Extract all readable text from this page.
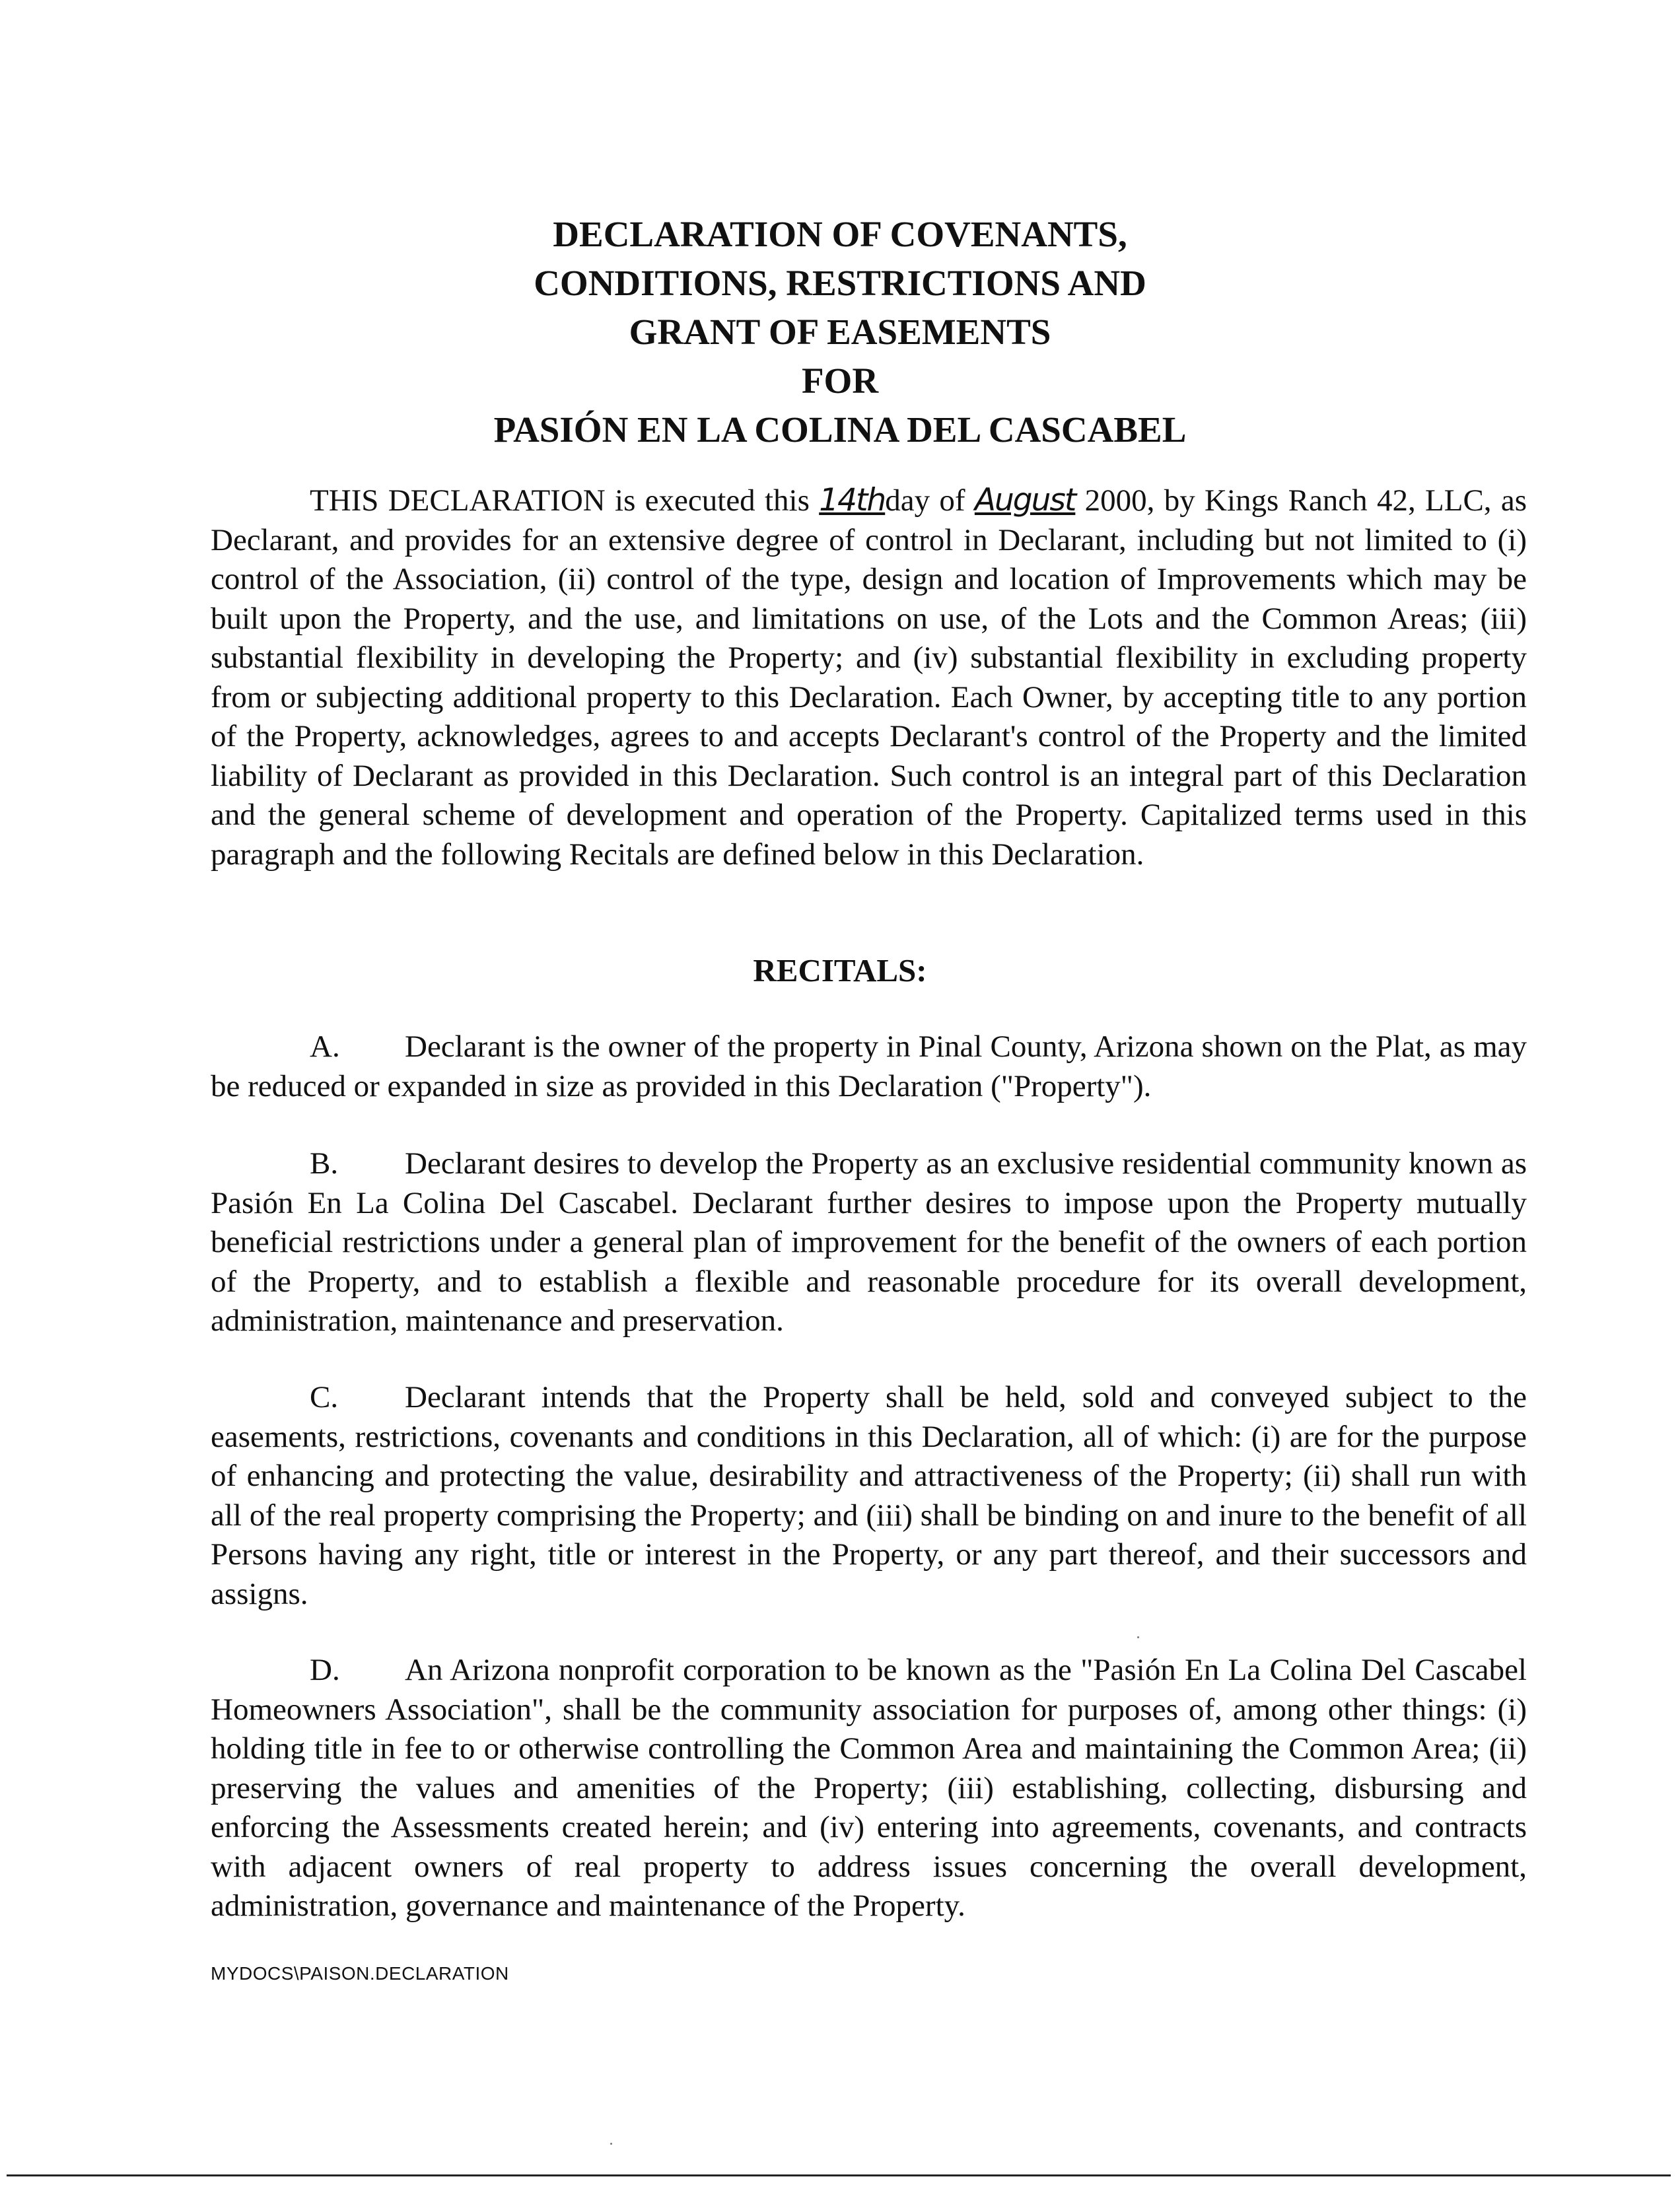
DECLARATION OF COVENANTS,
CONDITIONS, RESTRICTIONS AND
GRANT OF EASEMENTS
FOR
PASIÓN EN LA COLINA DEL CASCABEL
THIS DECLARATION is executed this 14thday of August 2000, by Kings Ranch 42, LLC, as Declarant, and provides for an extensive degree of control in Declarant, including but not limited to (i) control of the Association, (ii) control of the type, design and location of Improvements which may be built upon the Property, and the use, and limitations on use, of the Lots and the Common Areas; (iii) substantial flexibility in developing the Property; and (iv) substantial flexibility in excluding property from or subjecting additional property to this Declaration. Each Owner, by accepting title to any portion of the Property, acknowledges, agrees to and accepts Declarant's control of the Property and the limited liability of Declarant as provided in this Declaration. Such control is an integral part of this Declaration and the general scheme of development and operation of the Property. Capitalized terms used in this paragraph and the following Recitals are defined below in this Declaration.
RECITALS:
A. Declarant is the owner of the property in Pinal County, Arizona shown on the Plat, as may be reduced or expanded in size as provided in this Declaration ("Property").
B. Declarant desires to develop the Property as an exclusive residential community known as Pasión En La Colina Del Cascabel. Declarant further desires to impose upon the Property mutually beneficial restrictions under a general plan of improvement for the benefit of the owners of each portion of the Property, and to establish a flexible and reasonable procedure for its overall development, administration, maintenance and preservation.
C. Declarant intends that the Property shall be held, sold and conveyed subject to the easements, restrictions, covenants and conditions in this Declaration, all of which: (i) are for the purpose of enhancing and protecting the value, desirability and attractiveness of the Property; (ii) shall run with all of the real property comprising the Property; and (iii) shall be binding on and inure to the benefit of all Persons having any right, title or interest in the Property, or any part thereof, and their successors and assigns.
D. An Arizona nonprofit corporation to be known as the "Pasión En La Colina Del Cascabel Homeowners Association", shall be the community association for purposes of, among other things: (i) holding title in fee to or otherwise controlling the Common Area and maintaining the Common Area; (ii) preserving the values and amenities of the Property; (iii) establishing, collecting, disbursing and enforcing the Assessments created herein; and (iv) entering into agreements, covenants, and contracts with adjacent owners of real property to address issues concerning the overall development, administration, governance and maintenance of the Property.
MYDOCS\PAISON.DECLARATION
